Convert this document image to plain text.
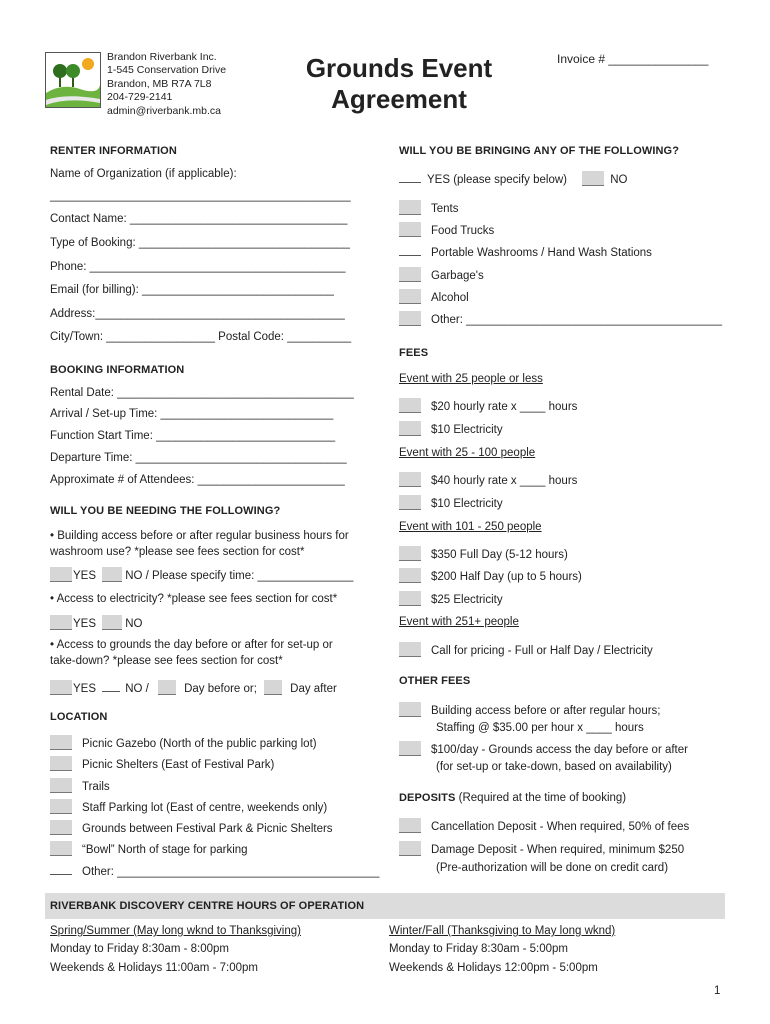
Brandon Riverbank Inc.
1-545 Conservation Drive
Brandon, MB R7A 7L8
204-729-2141
admin@riverbank.mb.ca
Grounds Event
Agreement
Invoice # _______________
RENTER INFORMATION
Name of Organization (if applicable):
_______________________________________________
Contact Name: __________________________________
Type of Booking: _________________________________
Phone: ________________________________________
Email (for billing): ______________________________
Address:_______________________________________
City/Town: _________________ Postal Code: __________
BOOKING INFORMATION
Rental Date: _____________________________________
Arrival / Set-up Time: ___________________________
Function Start Time: ____________________________
Departure Time: _________________________________
Approximate # of Attendees: _______________________
WILL YOU BE NEEDING THE FOLLOWING?
• Building access before or after regular business hours for
washroom use? *please see fees section for cost*
YES	NO / Please specify time: _______________
• Access to electricity? *please see fees section for cost*
YES	NO
• Access to grounds the day before or after for set-up or
take-down? *please see fees section for cost*
YES	NO /	Day before or;	Day after
LOCATION
Picnic Gazebo (North of the public parking lot)
Picnic Shelters (East of Festival Park)
Trails
Staff Parking lot (East of centre, weekends only)
Grounds between Festival Park & Picnic Shelters
“Bowl” North of stage for parking
Other: _________________________________________
WILL YOU BE BRINGING ANY OF THE FOLLOWING?
YES (please specify below)	NO
Tents
Food Trucks
Portable Washrooms / Hand Wash Stations
Garbage's
Alcohol
Other: ________________________________________
FEES
Event with 25 people or less
$20 hourly rate x ____ hours
$10 Electricity
Event with 25 - 100 people
$40 hourly rate x ____ hours
$10 Electricity
Event with 101 - 250 people
$350 Full Day (5-12 hours)
$200 Half Day (up to 5 hours)
$25 Electricity
Event with 251+ people
Call for pricing - Full or Half Day / Electricity
OTHER FEES
Building access before or after regular hours;
Staffing @ $35.00 per hour x ____ hours
$100/day - Grounds access the day before or after
(for set-up or take-down, based on availability)
DEPOSITS (Required at the time of booking)
Cancellation Deposit - When required, 50% of fees
Damage Deposit - When required, minimum $250
(Pre-authorization will be done on credit card)
RIVERBANK DISCOVERY CENTRE HOURS OF OPERATION
Spring/Summer (May long wknd to Thanksgiving)
Monday to Friday 8:30am - 8:00pm
Weekends & Holidays 11:00am - 7:00pm
Winter/Fall (Thanksgiving to May long wknd)
Monday to Friday 8:30am - 5:00pm
Weekends & Holidays 12:00pm - 5:00pm
1
